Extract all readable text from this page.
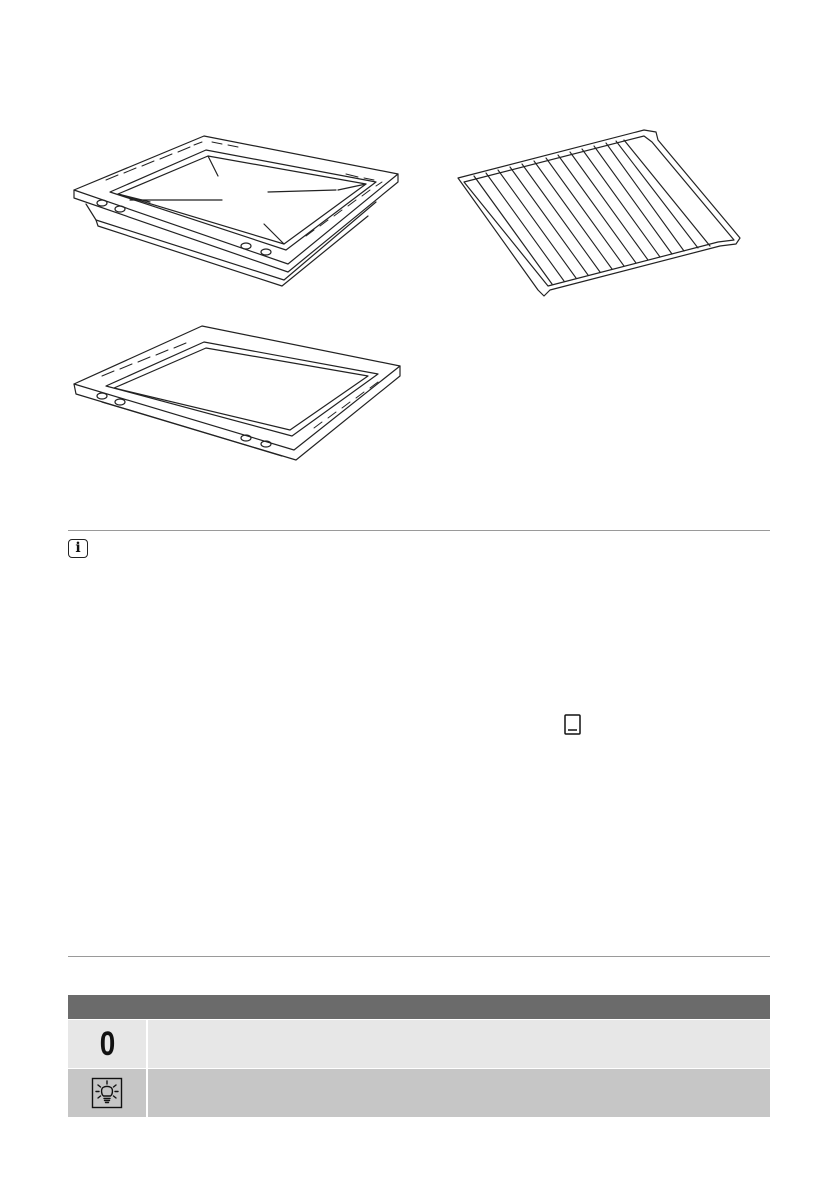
i
0
